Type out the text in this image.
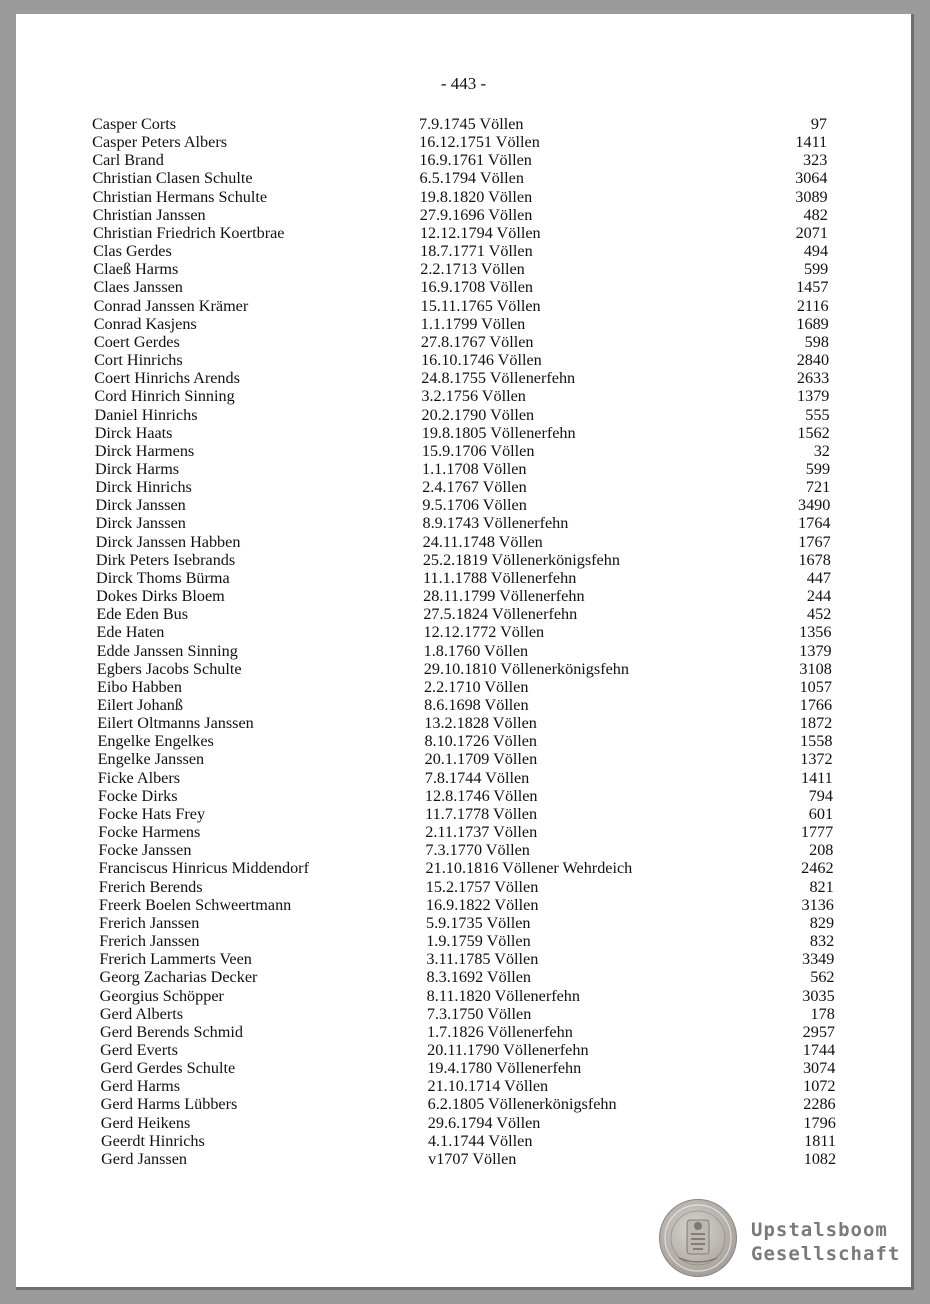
- 443 -
Casper Corts	7.9.1745 Völlen	97
Casper Peters Albers	16.12.1751 Völlen	1411
Carl Brand	16.9.1761 Völlen	323
Christian Clasen Schulte	6.5.1794 Völlen	3064
Christian Hermans Schulte	19.8.1820 Völlen	3089
Christian Janssen	27.9.1696 Völlen	482
Christian Friedrich Koertbrae	12.12.1794 Völlen	2071
Clas Gerdes	18.7.1771 Völlen	494
Claeß Harms	2.2.1713 Völlen	599
Claes Janssen	16.9.1708 Völlen	1457
Conrad Janssen Krämer	15.11.1765 Völlen	2116
Conrad Kasjens	1.1.1799 Völlen	1689
Coert Gerdes	27.8.1767 Völlen	598
Cort Hinrichs	16.10.1746 Völlen	2840
Coert Hinrichs Arends	24.8.1755 Völlenerfehn	2633
Cord Hinrich Sinning	3.2.1756 Völlen	1379
Daniel Hinrichs	20.2.1790 Völlen	555
Dirck Haats	19.8.1805 Völlenerfehn	1562
Dirck Harmens	15.9.1706 Völlen	32
Dirck Harms	1.1.1708 Völlen	599
Dirck Hinrichs	2.4.1767 Völlen	721
Dirck Janssen	9.5.1706 Völlen	3490
Dirck Janssen	8.9.1743 Völlenerfehn	1764
Dirck Janssen Habben	24.11.1748 Völlen	1767
Dirk Peters Isebrands	25.2.1819 Völlenerkönigsfehn	1678
Dirck Thoms Bürma	11.1.1788 Völlenerfehn	447
Dokes Dirks Bloem	28.11.1799 Völlenerfehn	244
Ede Eden Bus	27.5.1824 Völlenerfehn	452
Ede Haten	12.12.1772 Völlen	1356
Edde Janssen Sinning	1.8.1760 Völlen	1379
Egbers Jacobs Schulte	29.10.1810 Völlenerkönigsfehn	3108
Eibo Habben	2.2.1710 Völlen	1057
Eilert Johanß	8.6.1698 Völlen	1766
Eilert Oltmanns Janssen	13.2.1828 Völlen	1872
Engelke Engelkes	8.10.1726 Völlen	1558
Engelke Janssen	20.1.1709 Völlen	1372
Ficke Albers	7.8.1744 Völlen	1411
Focke Dirks	12.8.1746 Völlen	794
Focke Hats Frey	11.7.1778 Völlen	601
Focke Harmens	2.11.1737 Völlen	1777
Focke Janssen	7.3.1770 Völlen	208
Franciscus Hinricus Middendorf	21.10.1816 Völlener Wehrdeich	2462
Frerich Berends	15.2.1757 Völlen	821
Freerk Boelen Schweertmann	16.9.1822 Völlen	3136
Frerich Janssen	5.9.1735 Völlen	829
Frerich Janssen	1.9.1759 Völlen	832
Frerich Lammerts Veen	3.11.1785 Völlen	3349
Georg Zacharias Decker	8.3.1692 Völlen	562
Georgius Schöpper	8.11.1820 Völlenerfehn	3035
Gerd Alberts	7.3.1750 Völlen	178
Gerd Berends Schmid	1.7.1826 Völlenerfehn	2957
Gerd Everts	20.11.1790 Völlenerfehn	1744
Gerd Gerdes Schulte	19.4.1780 Völlenerfehn	3074
Gerd Harms	21.10.1714 Völlen	1072
Gerd Harms Lübbers	6.2.1805 Völlenerkönigsfehn	2286
Gerd Heikens	29.6.1794 Völlen	1796
Geerdt Hinrichs	4.1.1744 Völlen	1811
Gerd Janssen	v1707 Völlen	1082
Upstalsboom
Gesellschaft
